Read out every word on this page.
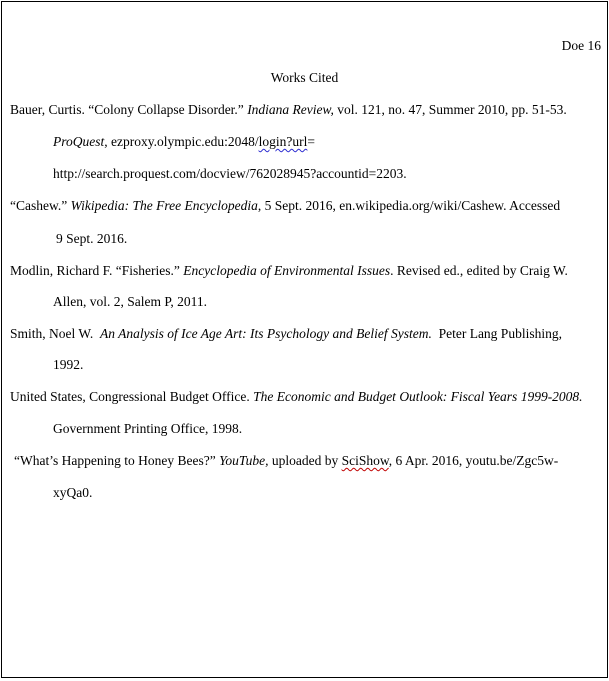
Doe 16
Works Cited
Bauer, Curtis. “Colony Collapse Disorder.” Indiana Review, vol. 121, no. 47, Summer 2010, pp. 51-53.
ProQuest, ezproxy.olympic.edu:2048/login?url=
http://search.proquest.com/docview/762028945?accountid=2203.
“Cashew.” Wikipedia: The Free Encyclopedia, 5 Sept. 2016, en.wikipedia.org/wiki/Cashew. Accessed
9 Sept. 2016.
Modlin, Richard F. “Fisheries.” Encyclopedia of Environmental Issues. Revised ed., edited by Craig W.
Allen, vol. 2, Salem P, 2011.
Smith, Noel W.  An Analysis of Ice Age Art: Its Psychology and Belief System.  Peter Lang Publishing,
1992.
United States, Congressional Budget Office. The Economic and Budget Outlook: Fiscal Years 1999-2008.
Government Printing Office, 1998.
“What’s Happening to Honey Bees?” YouTube, uploaded by SciShow, 6 Apr. 2016, youtu.be/Zgc5w-
xyQa0.
